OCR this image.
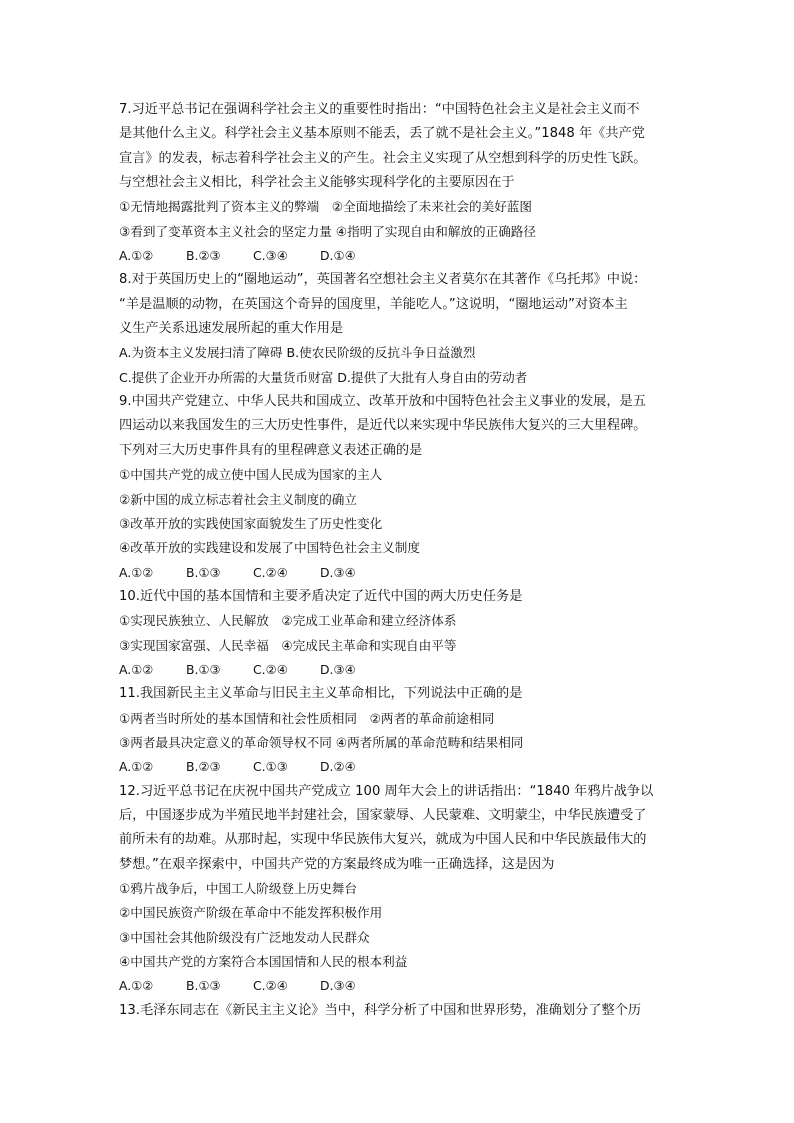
7.习近平总书记在强调科学社会主义的重要性时指出：“中国特色社会主义是社会主义而不
是其他什么主义。科学社会主义基本原则不能丢，丢了就不是社会主义。”1848 年《共产党
宣言》的发表，标志着科学社会主义的产生。社会主义实现了从空想到科学的历史性飞跃。
与空想社会主义相比，科学社会主义能够实现科学化的主要原因在于
①无情地揭露批判了资本主义的弊端　②全面地描绘了未来社会的美好蓝图
③看到了变革资本主义社会的坚定力量 ④指明了实现自由和解放的正确路径
A.①②	B.②③	C.③④	D.①④
8.对于英国历史上的“圈地运动”，英国著名空想社会主义者莫尔在其著作《乌托邦》中说：
“羊是温顺的动物，在英国这个奇异的国度里，羊能吃人。”这说明，“圈地运动”对资本主
义生产关系迅速发展所起的重大作用是
A.为资本主义发展扫清了障碍 B.使农民阶级的反抗斗争日益激烈
C.提供了企业开办所需的大量货币财富 D.提供了大批有人身自由的劳动者
9.中国共产党建立、中华人民共和国成立、改革开放和中国特色社会主义事业的发展，是五
四运动以来我国发生的三大历史性事件，是近代以来实现中华民族伟大复兴的三大里程碑。
下列对三大历史事件具有的里程碑意义表述正确的是
①中国共产党的成立使中国人民成为国家的主人
②新中国的成立标志着社会主义制度的确立
③改革开放的实践使国家面貌发生了历史性变化
④改革开放的实践建设和发展了中国特色社会主义制度
A.①②	B.①③	C.②④	D.③④
10.近代中国的基本国情和主要矛盾决定了近代中国的两大历史任务是
①实现民族独立、人民解放　②完成工业革命和建立经济体系
③实现国家富强、人民幸福　④完成民主革命和实现自由平等
A.①②	B.①③	C.②④	D.③④
11.我国新民主主义革命与旧民主主义革命相比，下列说法中正确的是
①两者当时所处的基本国情和社会性质相同　②两者的革命前途相同
③两者最具决定意义的革命领导权不同 ④两者所属的革命范畴和结果相同
A.①②	B.②③	C.①③	D.②④
12.习近平总书记在庆祝中国共产党成立 100 周年大会上的讲话指出：“1840 年鸦片战争以
后，中国逐步成为半殖民地半封建社会，国家蒙辱、人民蒙难、文明蒙尘，中华民族遭受了
前所未有的劫难。从那时起，实现中华民族伟大复兴，就成为中国人民和中华民族最伟大的
梦想。”在艰辛探索中，中国共产党的方案最终成为唯一正确选择，这是因为
①鸦片战争后，中国工人阶级登上历史舞台
②中国民族资产阶级在革命中不能发挥积极作用
③中国社会其他阶级没有广泛地发动人民群众
④中国共产党的方案符合本国国情和人民的根本利益
A.①②	B.①③	C.②④	D.③④
13.毛泽东同志在《新民主主义论》当中，科学分析了中国和世界形势，准确划分了整个历
